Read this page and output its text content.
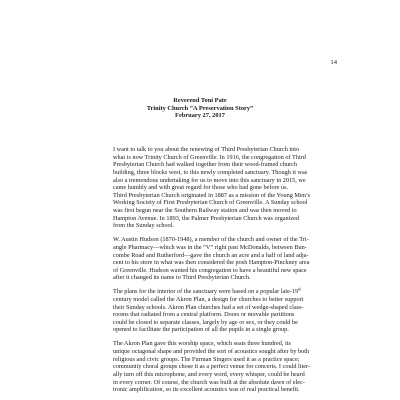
14
Reverend Toni Pate
Trinity Church “A Preservation Story”
February 27, 2017
I want to talk to you about the renewing of Third Presbyterian Church into
what is now Trinity Church of Greenville. In 1916, the congregation of Third
Presbyterian Church had walked together from their wood-framed church
building, three blocks west, to this newly completed sanctuary. Though it was
also a tremendous undertaking for us to move into this sanctuary in 2015, we
came humbly and with great regard for those who had gone before us.
Third Presbyterian Church originated in 1887 as a mission of the Young Men’s
Working Society of First Presbyterian Church of Greenville. A Sunday school
was first begun near the Southern Railway station and was then moved to
Hampton Avenue. In 1893, the Palmer Presbyterian Church was organized
from the Sunday school.
W. Austin Hudson (1870-1948), a member of the church and owner of the Tri-
angle Pharmacy—which was in the “V” right past McDonalds, between Bun-
combe Road and Rutherford—gave the church an acre and a half of land adja-
cent to his store in what was then considered the posh Hampton-Pinckney area
of Greenville. Hudson wanted his congregation to have a beautiful new space
after it changed its name to Third Presbyterian Church.
The plans for the interior of the sanctuary were based on a popular late-19th
century model called the Akron Plan, a design for churches to better support
their Sunday schools. Akron Plan churches had a set of wedge-shaped class-
rooms that radiated from a central platform. Doors or movable partitions
could be closed to separate classes, largely by age or sex, or they could be
opened to facilitate the participation of all the pupils in a single group.
The Akron Plan gave this worship space, which seats three hundred, its
unique octagonal shape and provided the sort of acoustics sought after by both
religious and civic groups. The Furman Singers used it as a practice space;
community choral groups chose it as a perfect venue for concerts. I could liter-
ally turn off this microphone, and every word, every whisper, could be heard
in every corner. Of course, the church was built at the absolute dawn of elec-
tronic amplification, so its excellent acoustics was of real practical benefit.
